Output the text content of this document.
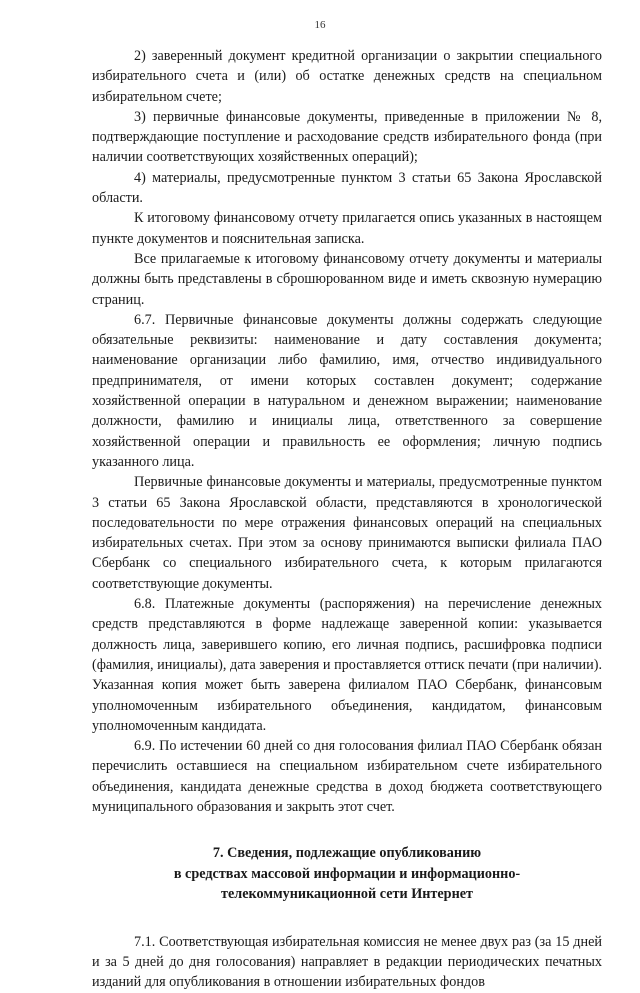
16

2) заверенный документ кредитной организации о закрытии специального избирательного счета и (или) об остатке денежных средств на специальном избирательном счете;

3) первичные финансовые документы, приведенные в приложении № 8, подтверждающие поступление и расходование средств избирательного фонда (при наличии соответствующих хозяйственных операций);

4) материалы, предусмотренные пунктом 3 статьи 65 Закона Ярославской области.

К итоговому финансовому отчету прилагается опись указанных в настоящем пункте документов и пояснительная записка.

Все прилагаемые к итоговому финансовому отчету документы и материалы должны быть представлены в сброшюрованном виде и иметь сквозную нумерацию страниц.

6.7. Первичные финансовые документы должны содержать следующие обязательные реквизиты: наименование и дату составления документа; наименование организации либо фамилию, имя, отчество индивидуального предпринимателя, от имени которых составлен документ; содержание хозяйственной операции в натуральном и денежном выражении; наименование должности, фамилию и инициалы лица, ответственного за совершение хозяйственной операции и правильность ее оформления; личную подпись указанного лица.

Первичные финансовые документы и материалы, предусмотренные пунктом 3 статьи 65 Закона Ярославской области, представляются в хронологической последовательности по мере отражения финансовых операций на специальных избирательных счетах. При этом за основу принимаются выписки филиала ПАО Сбербанк со специального избирательного счета, к которым прилагаются соответствующие документы.

6.8. Платежные документы (распоряжения) на перечисление денежных средств представляются в форме надлежаще заверенной копии: указывается должность лица, заверившего копию, его личная подпись, расшифровка подписи (фамилия, инициалы), дата заверения и проставляется оттиск печати (при наличии). Указанная копия может быть заверена филиалом ПАО Сбербанк, финансовым уполномоченным избирательного объединения, кандидатом, финансовым уполномоченным кандидата.

6.9. По истечении 60 дней со дня голосования филиал ПАО Сбербанк обязан перечислить оставшиеся на специальном избирательном счете избирательного объединения, кандидата денежные средства в доход бюджета соответствующего муниципального образования и закрыть этот счет.

7. Сведения, подлежащие опубликованию
в средствах массовой информации и информационно-
телекоммуникационной сети Интернет

7.1. Соответствующая избирательная комиссия не менее двух раз (за 15 дней и за 5 дней до дня голосования) направляет в редакции периодических печатных изданий для опубликования в отношении избирательных фондов
